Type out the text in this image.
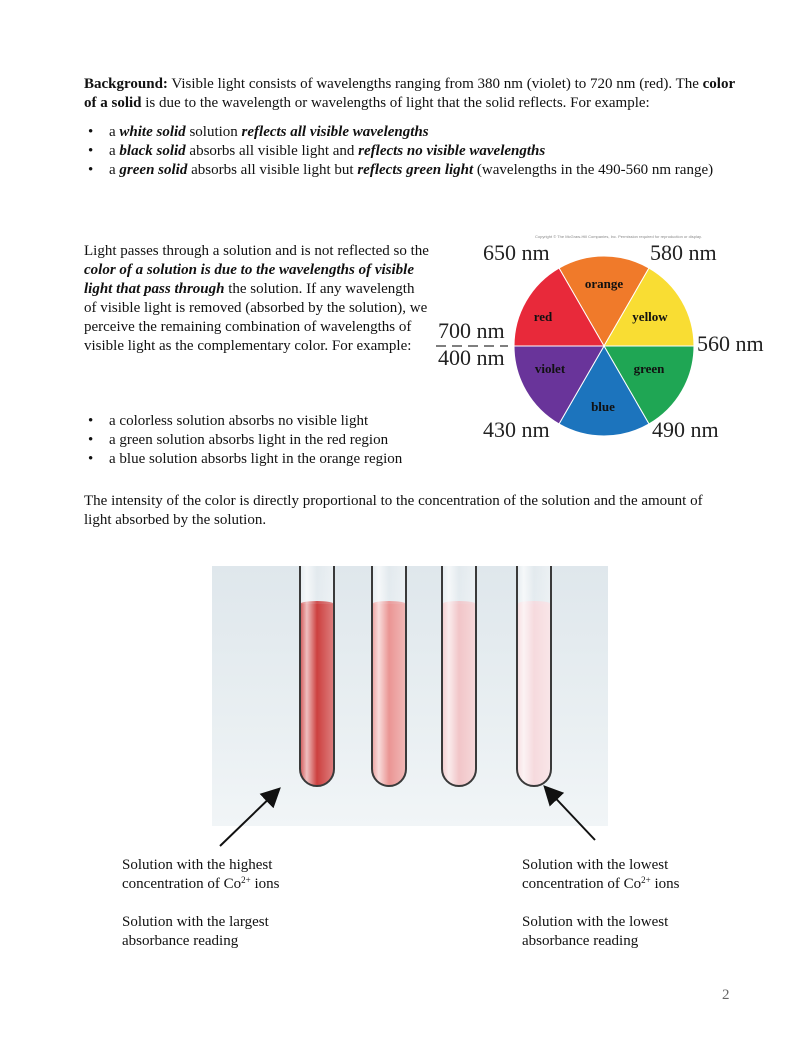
Background: Visible light consists of wavelengths ranging from 380 nm (violet) to 720 nm (red). The color of a solid is due to the wavelength or wavelengths of light that the solid reflects. For example:

• a white solid solution reflects all visible wavelengths
• a black solid absorbs all visible light and reflects no visible wavelengths
• a green solid absorbs all visible light but reflects green light (wavelengths in the 490-560 nm range)

Light passes through a solution and is not reflected so the color of a solution is due to the wavelengths of visible light that pass through the solution. If any wavelength of visible light is removed (absorbed by the solution), we perceive the remaining combination of wavelengths of visible light as the complementary color. For example:

• a colorless solution absorbs no visible light
• a green solution absorbs light in the red region
• a blue solution absorbs light in the orange region
Copyright © The McGraw-Hill Companies, Inc. Permission required for reproduction or display.
orange
yellow
green
blue
violet
red
650 nm	580 nm
700 nm
400 nm
560 nm
430 nm	490 nm

The intensity of the color is directly proportional to the concentration of the solution and the amount of light absorbed by the solution.

Solution with the highest

concentration of $Co^{2+}$ ions

Solution with the largest

absorbance reading

Solution with the lowest

concentration of $Co^{2+}$ ions

Solution with the lowest

absorbance reading

2
